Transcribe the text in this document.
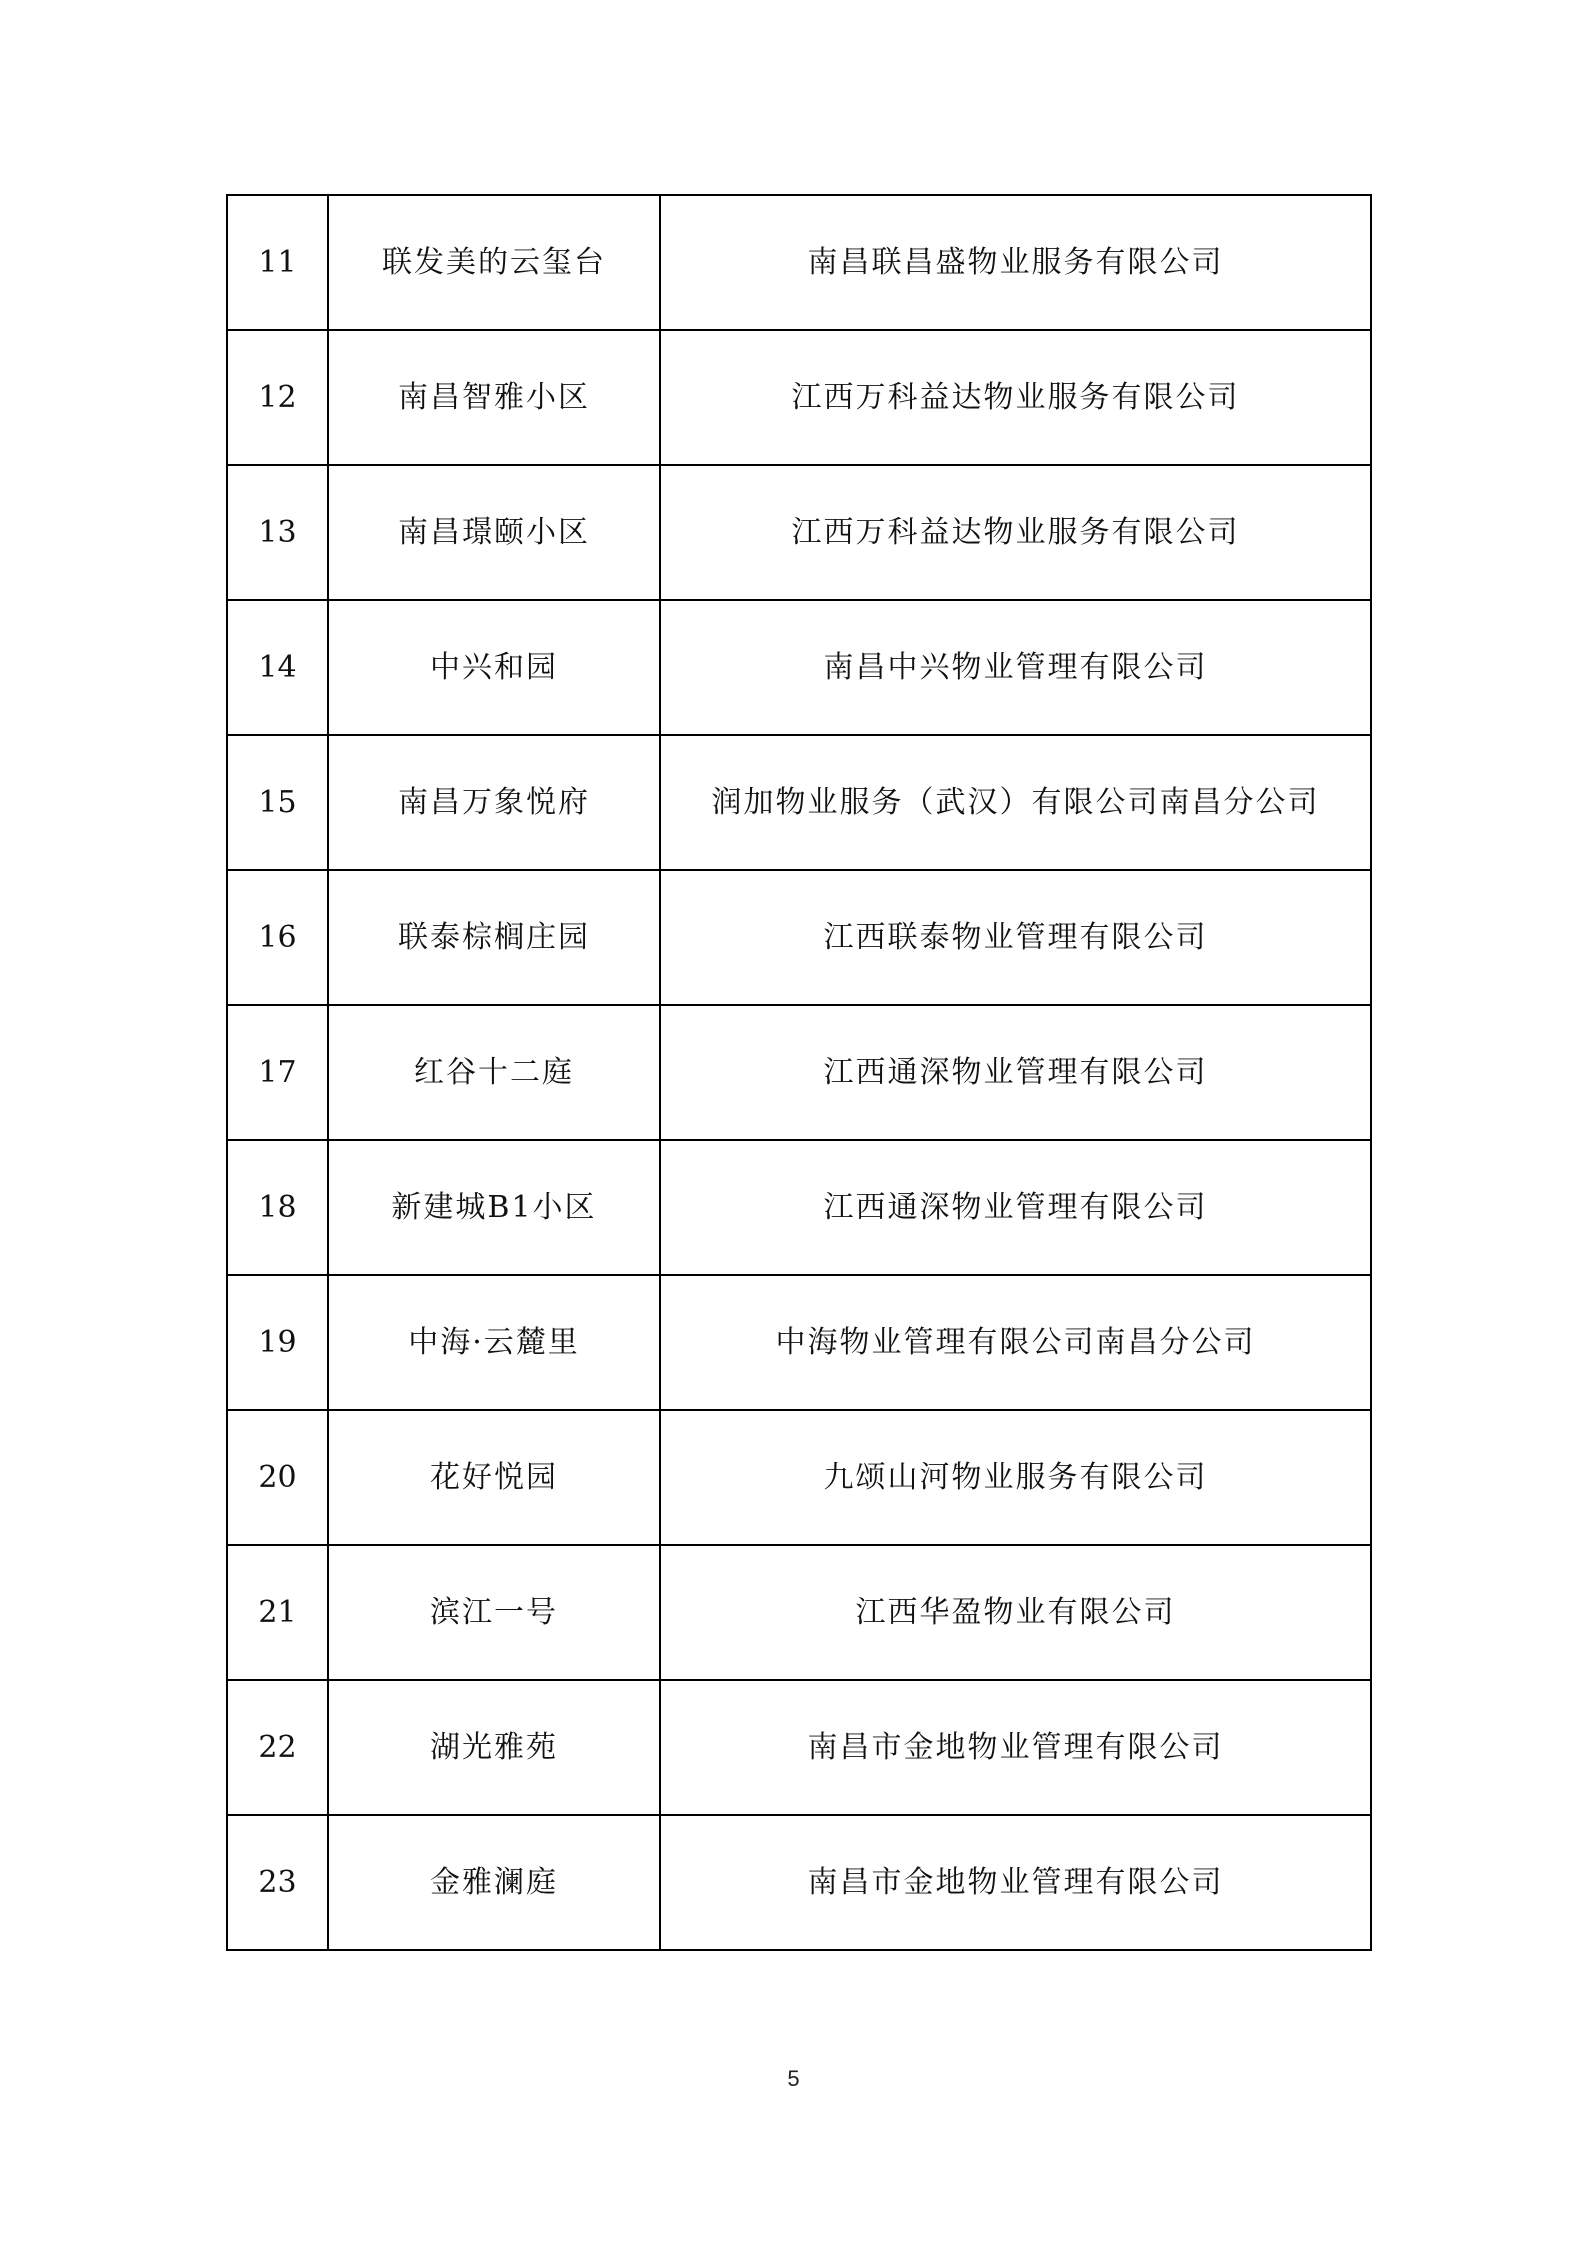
11	联发美的云玺台	南昌联昌盛物业服务有限公司
12	南昌智雅小区	江西万科益达物业服务有限公司
13	南昌璟颐小区	江西万科益达物业服务有限公司
14	中兴和园	南昌中兴物业管理有限公司
15	南昌万象悦府	润加物业服务（武汉）有限公司南昌分公司
16	联泰棕榈庄园	江西联泰物业管理有限公司
17	红谷十二庭	江西通深物业管理有限公司
18	新建城B1小区	江西通深物业管理有限公司
19	中海·云麓里	中海物业管理有限公司南昌分公司
20	花好悦园	九颂山河物业服务有限公司
21	滨江一号	江西华盈物业有限公司
22	湖光雅苑	南昌市金地物业管理有限公司
23	金雅澜庭	南昌市金地物业管理有限公司
5
